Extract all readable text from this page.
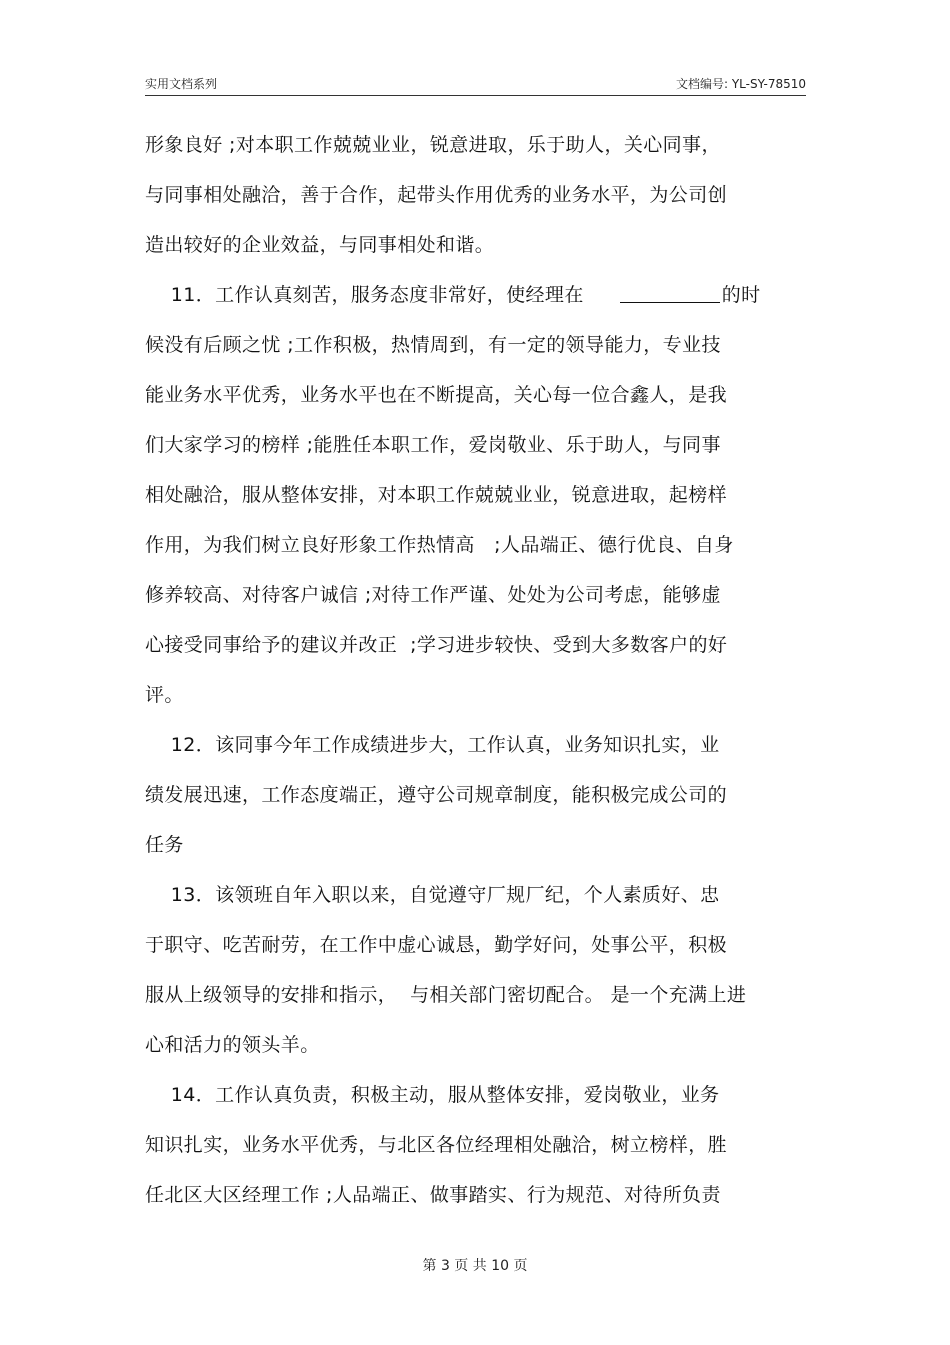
实用文档系列	文档编号: YL-SY-78510
形象良好 ;对本职工作兢兢业业，锐意进取，乐于助人，关心同事，
与同事相处融洽，善于合作，起带头作用优秀的业务水平，为公司创
造出较好的企业效益，与同事相处和谐。
11．工作认真刻苦，服务态度非常好，使经理在	的时
候没有后顾之忧 ;工作积极，热情周到，有一定的领导能力，专业技
能业务水平优秀，业务水平也在不断提高，关心每一位合鑫人，是我
们大家学习的榜样 ;能胜任本职工作，爱岗敬业、乐于助人，与同事
相处融洽，服从整体安排，对本职工作兢兢业业，锐意进取，起榜样
作用，为我们树立良好形象工作热情高   ;人品端正、德行优良、自身
修养较高、对待客户诚信 ;对待工作严谨、处处为公司考虑，能够虚
心接受同事给予的建议并改正  ;学习进步较快、受到大多数客户的好
评。
12．该同事今年工作成绩进步大，工作认真，业务知识扎实，业
绩发展迅速，工作态度端正，遵守公司规章制度，能积极完成公司的
任务
13．该领班自年入职以来，自觉遵守厂规厂纪，个人素质好、忠
于职守、吃苦耐劳，在工作中虚心诚恳，勤学好问，处事公平，积极
服从上级领导的安排和指示，  与相关部门密切配合。 是一个充满上进
心和活力的领头羊。
14．工作认真负责，积极主动，服从整体安排，爱岗敬业，业务
知识扎实，业务水平优秀，与北区各位经理相处融洽，树立榜样，胜
任北区大区经理工作 ;人品端正、做事踏实、行为规范、对待所负责
第 3 页 共 10 页
